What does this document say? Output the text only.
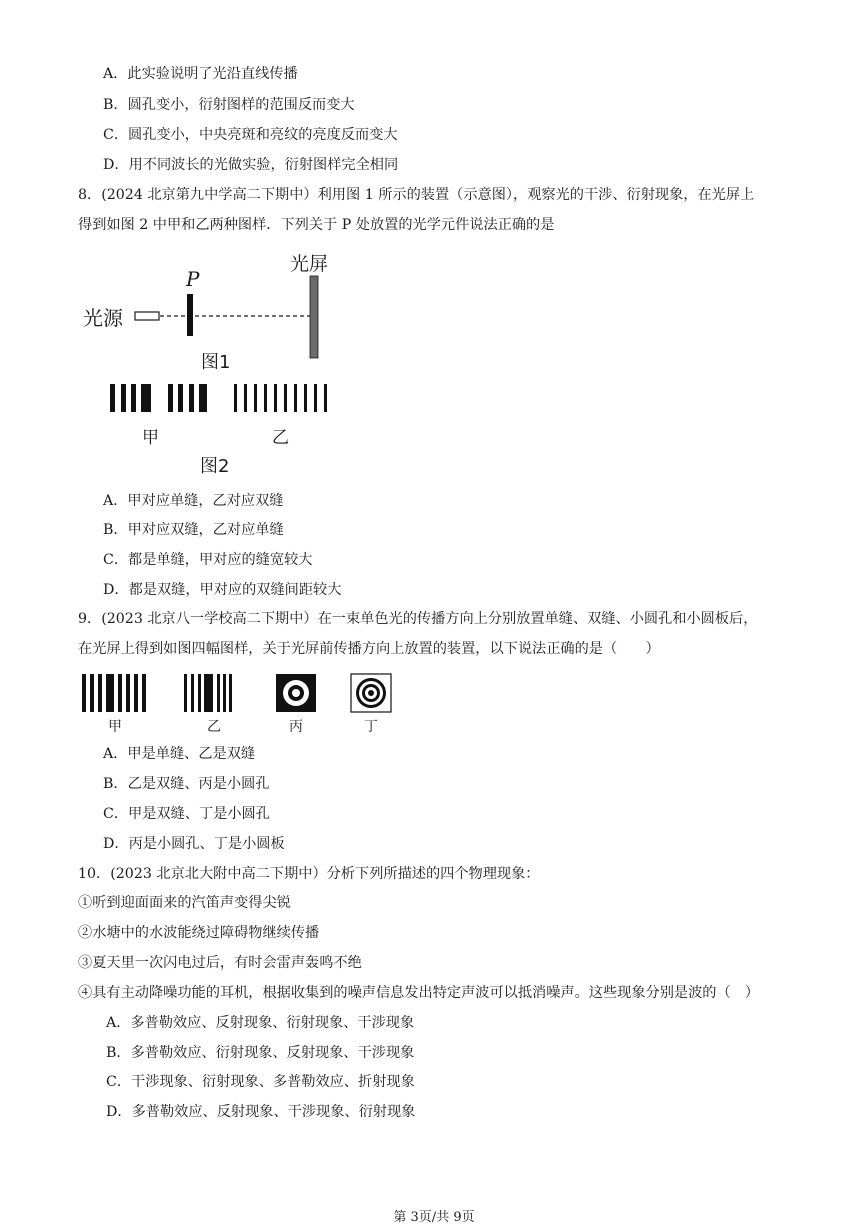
A．此实验说明了光沿直线传播
B．圆孔变小，衍射图样的范围反而变大
C．圆孔变小，中央亮斑和亮纹的亮度反而变大
D．用不同波长的光做实验，衍射图样完全相同
8．(2024 北京第九中学高二下期中）利用图 1 所示的装置（示意图），观察光的干涉、衍射现象，在光屏上
得到如图 2 中甲和乙两种图样．下列关于 P 处放置的光学元件说法正确的是
光源
P
光屏
图1
甲	乙
图2
A．甲对应单缝，乙对应双缝
B．甲对应双缝，乙对应单缝
C．都是单缝，甲对应的缝宽较大
D．都是双缝，甲对应的双缝间距较大
9．(2023 北京八一学校高二下期中）在一束单色光的传播方向上分别放置单缝、双缝、小圆孔和小圆板后，
在光屏上得到如图四幅图样，关于光屏前传播方向上放置的装置，以下说法正确的是（　　）
甲	乙	丙	丁
A．甲是单缝、乙是双缝
B．乙是双缝、丙是小圆孔
C．甲是双缝、丁是小圆孔
D．丙是小圆孔、丁是小圆板
10．(2023 北京北大附中高二下期中）分析下列所描述的四个物理现象：
①听到迎面面来的汽笛声变得尖锐
②水塘中的水波能绕过障碍物继续传播
③夏天里一次闪电过后，有时会雷声轰鸣不绝
④具有主动降噪功能的耳机，根据收集到的噪声信息发出特定声波可以抵消噪声。这些现象分别是波的（　）
A．多普勒效应、反射现象、衍射现象、干涉现象
B．多普勒效应、衍射现象、反射现象、干涉现象
C．干涉现象、衍射现象、多普勒效应、折射现象
D．多普勒效应、反射现象、干涉现象、衍射现象
第 3页/共 9页
